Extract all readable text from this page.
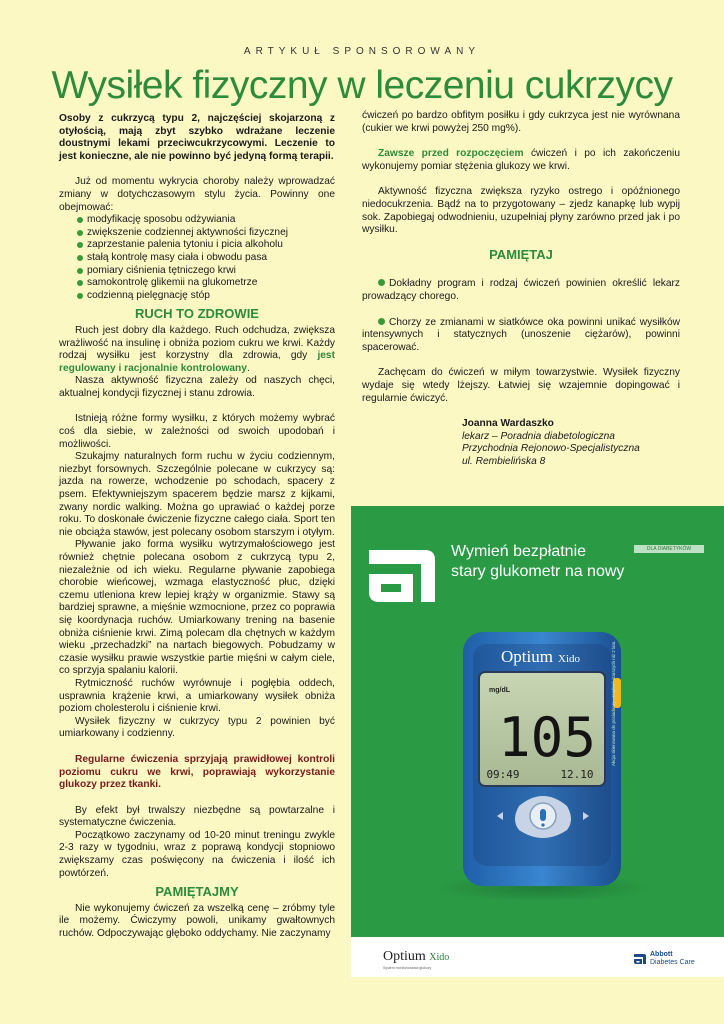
ARTYKUŁ SPONSOROWANY
Wysiłek fizyczny w leczeniu cukrzycy

Osoby z cukrzycą typu 2, najczęściej skojarzoną z otyłością, mają zbyt szybko wdrażane leczenie doustnymi lekami przeciwcukrzycowymi. Leczenie to jest konieczne, ale nie powinno być jedyną formą terapii.

Już od momentu wykrycia choroby należy wprowadzać zmiany w dotychczasowym stylu życia. Powinny one obejmować:

modyfikację sposobu odżywiania
zwiększenie codziennej aktywności fizycznej
zaprzestanie palenia tytoniu i picia alkoholu
stałą kontrolę masy ciała i obwodu pasa
pomiary ciśnienia tętniczego krwi
samokontrolę glikemii na glukometrze
codzienną pielęgnację stóp
RUCH TO ZDROWIE

Ruch jest dobry dla każdego. Ruch odchudza, zwiększa wrażliwość na insulinę i obniża poziom cukru we krwi. Każdy rodzaj wysiłku jest korzystny dla zdrowia, gdy jest regulowany i racjonalnie kontrolowany.

Nasza aktywność fizyczna zależy od naszych chęci, aktualnej kondycji fizycznej i stanu zdrowia.

Istnieją różne formy wysiłku, z których możemy wybrać coś dla siebie, w zależności od swoich upodobań i możliwości.

Szukajmy naturalnych form ruchu w życiu codziennym, niezbyt forsownych. Szczególnie polecane w cukrzycy są: jazda na rowerze, wchodzenie po schodach, spacery z psem. Efektywniejszym spacerem będzie marsz z kijkami, zwany nordic walking. Można go uprawiać o każdej porze roku. To doskonałe ćwiczenie fizyczne całego ciała. Sport ten nie obciąża stawów, jest polecany osobom starszym i otyłym.

Pływanie jako forma wysiłku wytrzymałościowego jest również chętnie polecana osobom z cukrzycą typu 2, niezależnie od ich wieku. Regularne pływanie zapobiega chorobie wieńcowej, wzmaga elastyczność płuc, dzięki czemu utleniona krew lepiej krąży w organizmie. Stawy są bardziej sprawne, a mięśnie wzmocnione, przez co poprawia się koordynacja ruchów. Umiarkowany trening na basenie obniża ciśnienie krwi. Zimą polecam dla chętnych w każdym wieku „przechadzki” na nartach biegowych. Pobudzamy w czasie wysiłku prawie wszystkie partie mięśni w całym ciele, co sprzyja spalaniu kalorii.

Rytmiczność ruchów wyrównuje i pogłębia oddech, usprawnia krążenie krwi, a umiarkowany wysiłek obniża poziom cholesterolu i ciśnienie krwi.

Wysiłek fizyczny w cukrzycy typu 2 powinien być umiarkowany i codzienny.

Regularne ćwiczenia sprzyjają prawidłowej kontroli poziomu cukru we krwi, poprawiają wykorzystanie glukozy przez tkanki.

By efekt był trwalszy niezbędne są powtarzalne i systematyczne ćwiczenia.

Początkowo zaczynamy od 10-20 minut treningu zwykle 2-3 razy w tygodniu, wraz z poprawą kondycji stopniowo zwiększamy czas poświęcony na ćwiczenia i ilość ich powtórzeń.

PAMIĘTAJMY

Nie wykonujemy ćwiczeń za wszelką cenę – zróbmy tyle ile możemy. Ćwiczymy powoli, unikamy gwałtownych ruchów. Odpoczywając głęboko oddychamy. Nie zaczynamy

ćwiczeń po bardzo obfitym posiłku i gdy cukrzyca jest nie wyrównana (cukier we krwi powyżej 250 mg%).

Zawsze przed rozpoczęciem ćwiczeń i po ich zakończeniu wykonujemy pomiar stężenia glukozy we krwi.

Aktywność fizyczna zwiększa ryzyko ostrego i opóźnionego niedocukrzenia. Bądź na to przygotowany – zjedz kanapkę lub wypij sok. Zapobiegaj odwodnieniu, uzupełniaj płyny zarówno przed jak i po wysiłku.

PAMIĘTAJ

Dokładny program i rodzaj ćwiczeń powinien określić lekarz prowadzący chorego.

Chorzy ze zmianami w siatkówce oka powinni unikać wysiłków intensywnych i statycznych (unoszenie ciężarów), powinni spacerować.

Zachęcam do ćwiczeń w miłym towarzystwie. Wysiłek fizyczny wydaje się wtedy lżejszy. Łatwiej się wzajemnie dopingować i regularnie ćwiczyć.

Joanna Wardaszko
lekarz – Poradnia diabetologiczna
Przychodnia Rejonowo-Specjalistyczna
ul. Rembielińska 8
Wymień bezpłatnie
stary glukometr na nowy
DLA DIABETYKÓW
Optium Xido
mg/dL
105
09:49	12.10
Akcja skierowana do posiadaczy urządzeń starszych niż 2 lata.
Optium Xido
System monitorowania glukozy
Abbott
Diabetes Care
